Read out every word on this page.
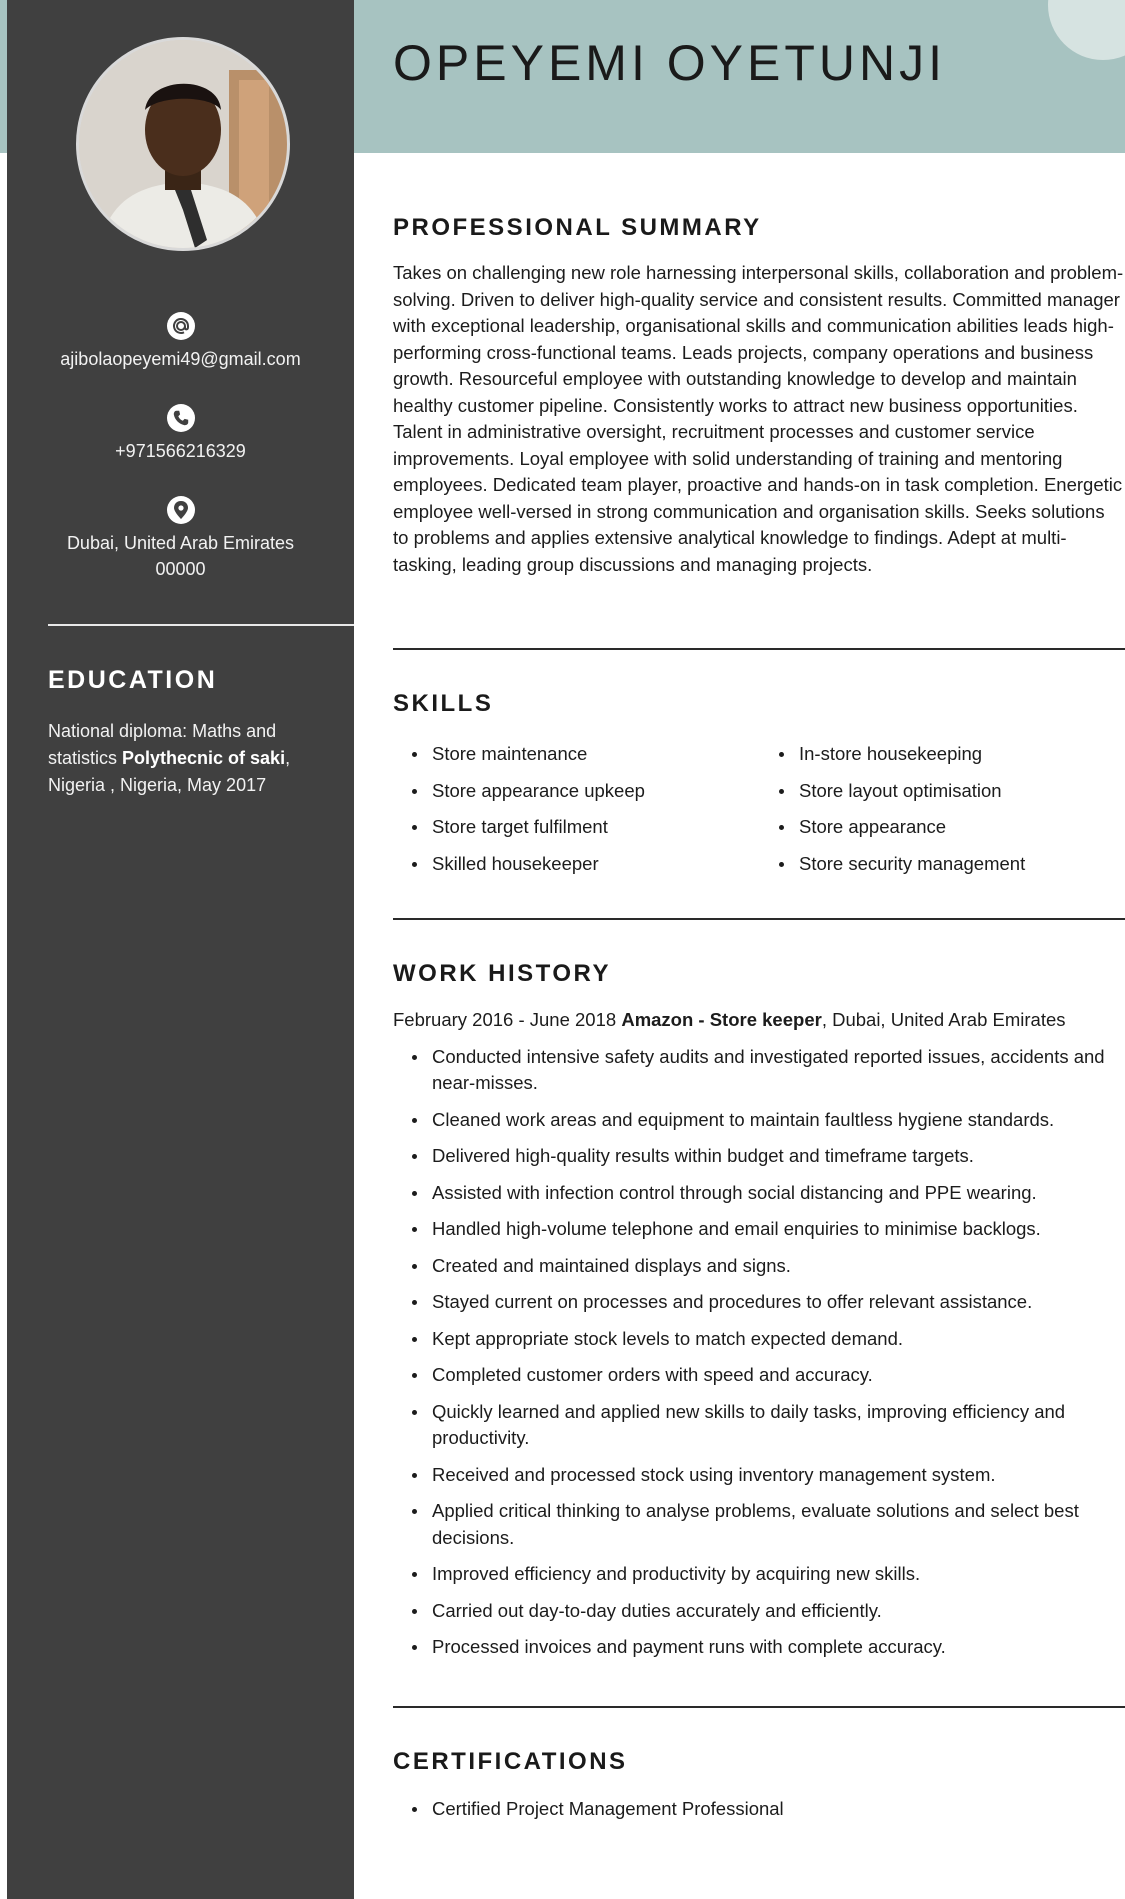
ajibolaopeyemi49@gmail.com
+971566216329
Dubai, United Arab Emirates
00000
EDUCATION
National diploma: Maths and
statistics Polythecnic of saki,
Nigeria , Nigeria, May 2017
OPEYEMI OYETUNJI
PROFESSIONAL SUMMARY
Takes on challenging new role harnessing interpersonal skills, collaboration and problem-solving. Driven to deliver high-quality service and consistent results. Committed manager with exceptional leadership, organisational skills and communication abilities leads high-performing cross-functional teams. Leads projects, company operations and business growth. Resourceful employee with outstanding knowledge to develop and maintain healthy customer pipeline. Consistently works to attract new business opportunities. Talent in administrative oversight, recruitment processes and customer service improvements. Loyal employee with solid understanding of training and mentoring employees. Dedicated team player, proactive and hands-on in task completion. Energetic employee well-versed in strong communication and organisation skills. Seeks solutions to problems and applies extensive analytical knowledge to findings. Adept at multi-tasking, leading group discussions and managing projects.
SKILLS
Store maintenance
Store appearance upkeep
Store target fulfilment
Skilled housekeeper
In-store housekeeping
Store layout optimisation
Store appearance
Store security management
WORK HISTORY
February 2016 - June 2018 Amazon - Store keeper, Dubai, United Arab Emirates
Conducted intensive safety audits and investigated reported issues, accidents and near-misses.
Cleaned work areas and equipment to maintain faultless hygiene standards.
Delivered high-quality results within budget and timeframe targets.
Assisted with infection control through social distancing and PPE wearing.
Handled high-volume telephone and email enquiries to minimise backlogs.
Created and maintained displays and signs.
Stayed current on processes and procedures to offer relevant assistance.
Kept appropriate stock levels to match expected demand.
Completed customer orders with speed and accuracy.
Quickly learned and applied new skills to daily tasks, improving efficiency and productivity.
Received and processed stock using inventory management system.
Applied critical thinking to analyse problems, evaluate solutions and select best decisions.
Improved efficiency and productivity by acquiring new skills.
Carried out day-to-day duties accurately and efficiently.
Processed invoices and payment runs with complete accuracy.
CERTIFICATIONS
Certified Project Management Professional
